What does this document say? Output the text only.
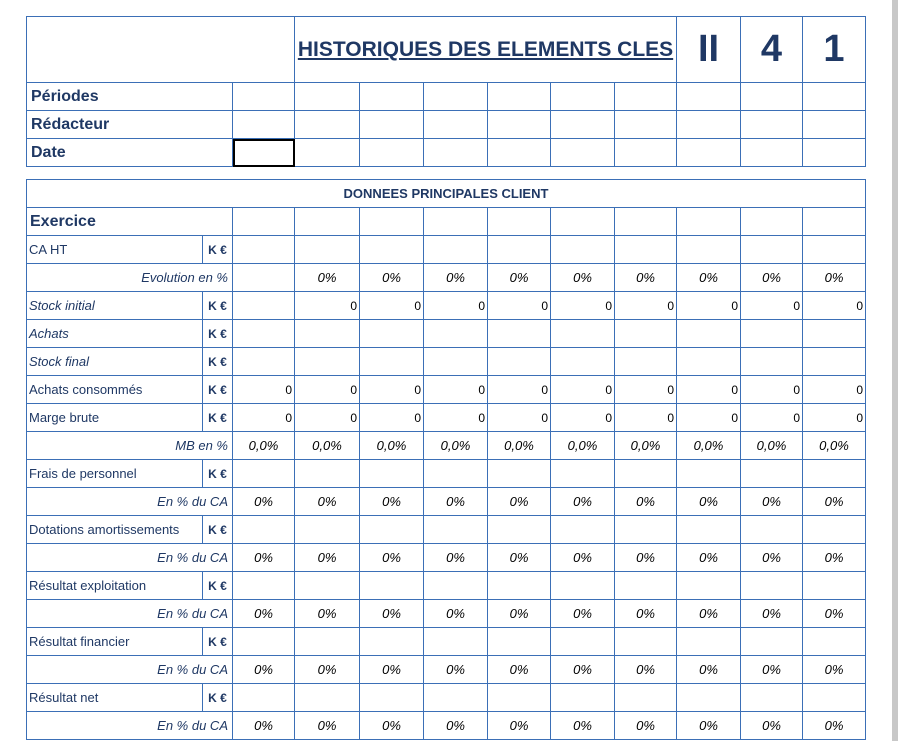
		HISTORIQUES DES ELEMENTS CLES						II	4	1
Périodes										
Rédacteur										
Date										
DONNEES PRINCIPALES CLIENT											
Exercice											
CA HT	K €										
Evolution en %			0%	0%	0%	0%	0%	0%	0%	0%	0%
Stock initial	K €		0	0	0	0	0	0	0	0	0
Achats	K €										
Stock final	K €										
Achats consommés	K €	0	0	0	0	0	0	0	0	0	0
Marge brute	K €	0	0	0	0	0	0	0	0	0	0
MB en %		0,0%	0,0%	0,0%	0,0%	0,0%	0,0%	0,0%	0,0%	0,0%	0,0%
Frais de personnel	K €										
En % du CA		0%	0%	0%	0%	0%	0%	0%	0%	0%	0%
Dotations amortissements	K €										
En % du CA		0%	0%	0%	0%	0%	0%	0%	0%	0%	0%
Résultat exploitation	K €										
En % du CA		0%	0%	0%	0%	0%	0%	0%	0%	0%	0%
Résultat financier	K €										
En % du CA		0%	0%	0%	0%	0%	0%	0%	0%	0%	0%
Résultat net	K €										
En % du CA		0%	0%	0%	0%	0%	0%	0%	0%	0%	0%
